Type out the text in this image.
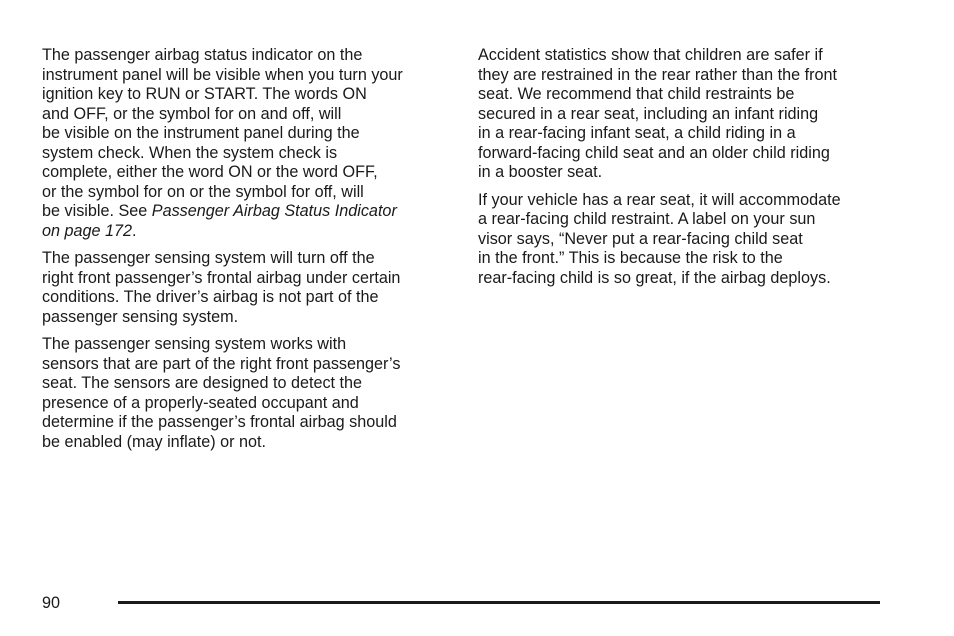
The passenger airbag status indicator on the
instrument panel will be visible when you turn your
ignition key to RUN or START. The words ON
and OFF, or the symbol for on and off, will
be visible on the instrument panel during the
system check. When the system check is
complete, either the word ON or the word OFF,
or the symbol for on or the symbol for off, will
be visible. See Passenger Airbag Status Indicator
on page 172.
The passenger sensing system will turn off the
right front passenger’s frontal airbag under certain
conditions. The driver’s airbag is not part of the
passenger sensing system.
The passenger sensing system works with
sensors that are part of the right front passenger’s
seat. The sensors are designed to detect the
presence of a properly-seated occupant and
determine if the passenger’s frontal airbag should
be enabled (may inflate) or not.
Accident statistics show that children are safer if
they are restrained in the rear rather than the front
seat. We recommend that child restraints be
secured in a rear seat, including an infant riding
in a rear-facing infant seat, a child riding in a
forward-facing child seat and an older child riding
in a booster seat.
If your vehicle has a rear seat, it will accommodate
a rear-facing child restraint. A label on your sun
visor says, “Never put a rear-facing child seat
in the front.” This is because the risk to the
rear-facing child is so great, if the airbag deploys.
90
